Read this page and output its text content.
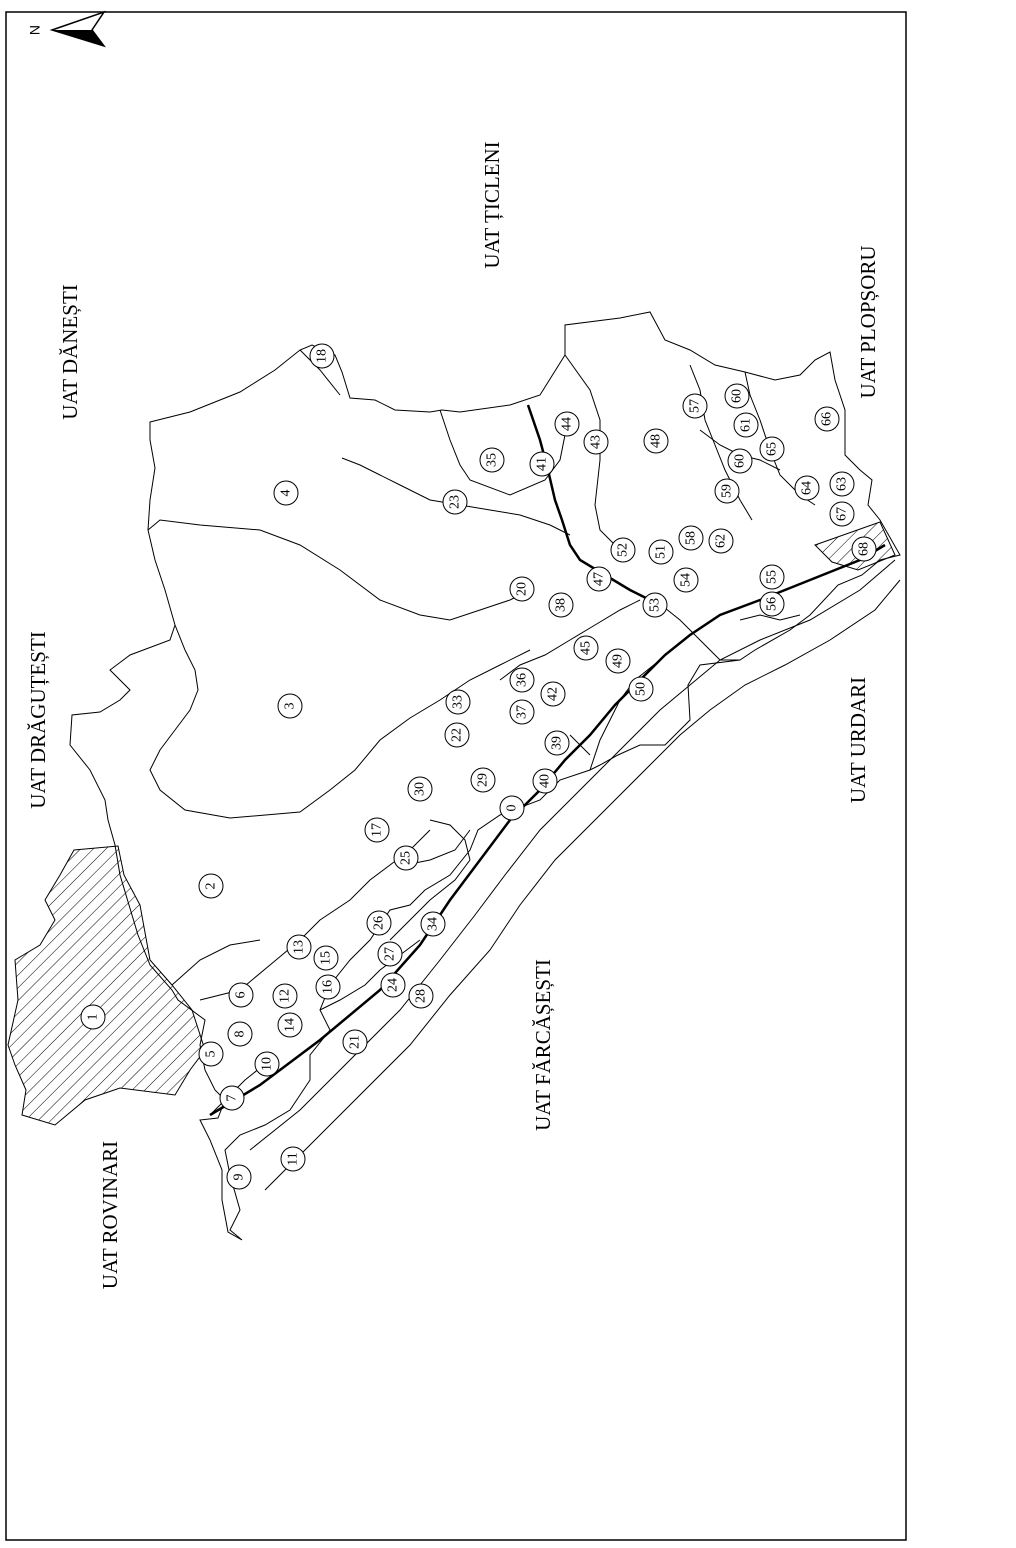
N
UAT DĂNEȘTI
UAT DRĂGUȚEȘTI
UAT ROVINARI
UAT ȚICLENI
UAT PLOPȘORU
UAT FĂRCĂȘEȘTI
UAT URDARI
1
2
3
4
5
6
7
8
9
10
11
12
13
14
15
16
17
18
20
21
22
23
24
25
26
27
28
29
30
33
34
35
36
37
38
39
40
41
42
43
44
45
47
48
49
50
51
52
53
54	55
56
57
58
59
60
60
61
62
63
64
65
66
67
68
0
